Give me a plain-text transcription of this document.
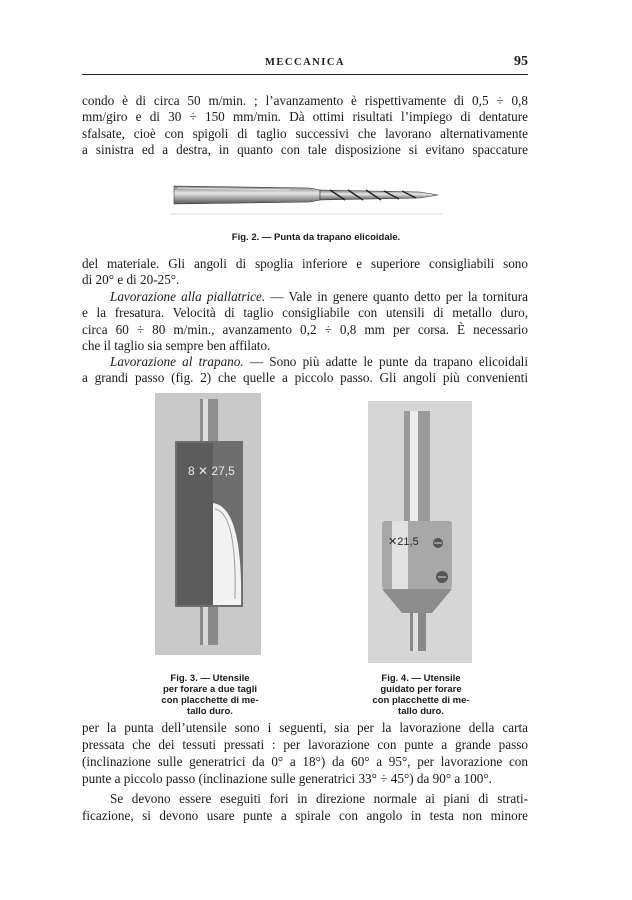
MECCANICA	95
condo è di circa 50 m/min. ; l’avanzamento è rispettivamente di 0,5 ÷ 0,8
mm/giro e di 30 ÷ 150 mm/min. Dà ottimi risultati l’impiego di dentature
sfalsate, cioè con spigoli di taglio successivi che lavorano alternativamente
a sinistra ed a destra, in quanto con tale disposizione si evitano spaccature
Fig. 2. — Punta da trapano elicoidale.
del materiale. Gli angoli di spoglia inferiore e superiore consigliabili sono
di 20° e di 20-25°.
Lavorazione alla piallatrice. — Vale in genere quanto detto per la tornitura
e la fresatura. Velocità di taglio consigliabile con utensili di metallo duro,
circa 60 ÷ 80 m/min., avanzamento 0,2 ÷ 0,8 mm per corsa. È necessario
che il taglio sia sempre ben affilato.
Lavorazione al trapano. — Sono più adatte le punte da trapano elicoidali
a grandi passo (fig. 2) che quelle a piccolo passo. Gli angoli più convenienti
8 ✕ 27,5
Fig. 3. — Utensile
per forare a due tagli
con placchette di me-
tallo duro.
✕21,5
Fig. 4. — Utensile
guidato per forare
con placchette di me-
tallo duro.
per la punta dell’utensile sono i seguenti, sia per la lavorazione della carta
pressata che dei tessuti pressati : per lavorazione con punte a grande passo
(inclinazione sulle generatrici da 0° a 18°) da 60° a 95°, per lavorazione con
punte a piccolo passo (inclinazione sulle generatrici 33° ÷ 45°) da 90° a 100°.
Se devono essere eseguiti fori in direzione normale ai piani di strati-
ficazione, si devono usare punte a spirale con angolo in testa non minore
